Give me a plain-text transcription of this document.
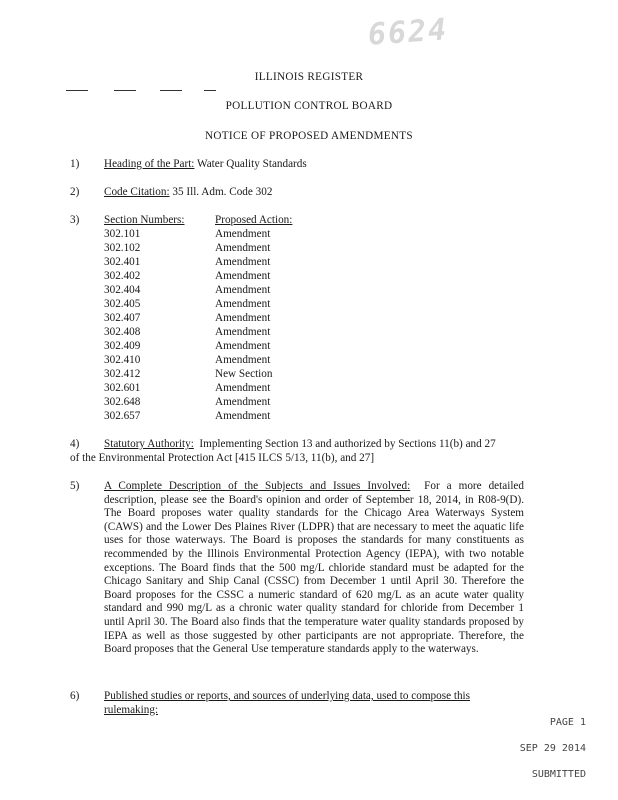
6624
ILLINOIS REGISTER
POLLUTION CONTROL BOARD
NOTICE OF PROPOSED AMENDMENTS
1) Heading of the Part: Water Quality Standards
2) Code Citation: 35 Ill. Adm. Code 302
3) Section Numbers:	Proposed Action:
302.101
302.102
302.401
302.402
302.404
302.405
302.407
302.408
302.409
302.410
302.412
302.601
302.648
302.657
Amendment
Amendment
Amendment
Amendment
Amendment
Amendment
Amendment
Amendment
Amendment
Amendment
New Section
Amendment
Amendment
Amendment
4) Statutory Authority: Implementing Section 13 and authorized by Sections 11(b) and 27

of the Environmental Protection Act [415 ILCS 5/13, 11(b), and 27]
5) A Complete Description of the Subjects and Issues Involved: For a more detailed description, please see the Board's opinion and order of September 18, 2014, in R08-9(D). The Board proposes water quality standards for the Chicago Area Waterways System (CAWS) and the Lower Des Plaines River (LDPR) that are necessary to meet the aquatic life uses for those waterways. The Board is proposes the standards for many constituents as recommended by the Illinois Environmental Protection Agency (IEPA), with two notable exceptions. The Board finds that the 500 mg/L chloride standard must be adapted for the Chicago Sanitary and Ship Canal (CSSC) from December 1 until April 30. Therefore the Board proposes for the CSSC a numeric standard of 620 mg/L as an acute water quality standard and 990 mg/L as a chronic water quality standard for chloride from December 1 until April 30. The Board also finds that the temperature water quality standards proposed by IEPA as well as those suggested by other participants are not appropriate. Therefore, the Board proposes that the General Use temperature standards apply to the waterways.

6) Published studies or reports, and sources of underlying data, used to compose this

rulemaking:

PAGE 1
SEP 29 2014
SUBMITTED
